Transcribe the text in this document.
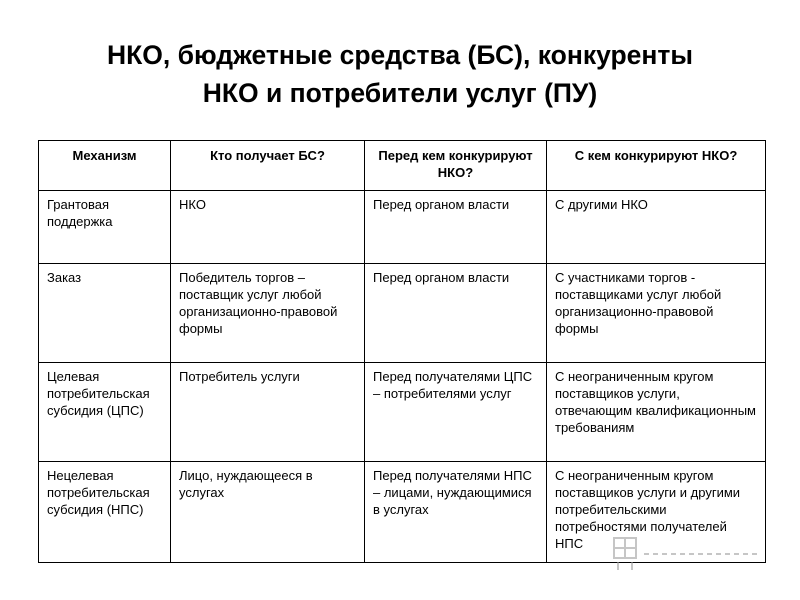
НКО, бюджетные средства (БС), конкуренты
НКО и потребители услуг (ПУ)
Механизм	Кто получает БС?	Перед кем конкурируют НКО?	С кем конкурируют НКО?
Грантовая поддержка	НКО	Перед органом власти	С другими НКО
Заказ	Победитель торгов – поставщик услуг любой организационно-правовой формы	Перед органом власти	С участниками торгов - поставщиками услуг любой организационно-правовой формы
Целевая потребительская субсидия (ЦПС)	Потребитель услуги	Перед получателями ЦПС – потребителями услуг	С неограниченным кругом поставщиков услуги, отвечающим квалификационным требованиям
Нецелевая потребительская субсидия (НПС)	Лицо, нуждающееся в услугах	Перед получателями НПС – лицами, нуждающимися в услугах	С неограниченным кругом поставщиков услуги и другими потребительскими потребностями получателей НПС
